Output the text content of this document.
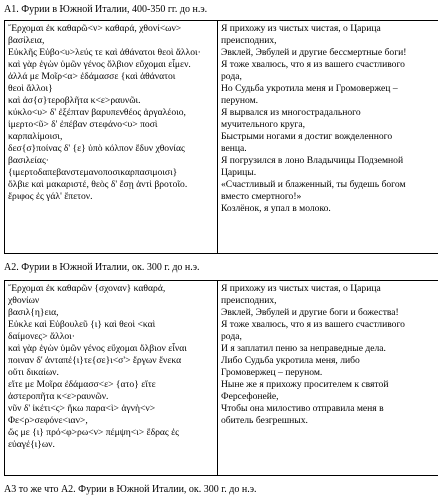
А1. Фурии в Южной Италии, 400-350 гг. до н.э.
῎Ερχομαι ἐκ καθαρῶ<ν> καθαρά, χθονί<ων>
βασίλεια,
Εὐκλῆς Εὐβο<υ>λεύς τε καὶ ἀθάνατοι θεοὶ ἄλλοι·
καὶ γὰρ ἐγὼν ὑμῶν γένος ὄλβιον εὔχομαι εἶμεν.
ἀλλά με Μοῖρ<α> ἐδάμασσε {καὶ ἀθάνατοι
θεοὶ ἄλλοι}
καὶ ἀσ{σ}τεροβλῆτα κ<ε>ραυνῶι.
κύκλο<υ> δ' ἐξέπταν βαρυπενθέος ἀργαλέοιο,
ἱμερτο<ῦ> δ' ἐπέβαν στεφάνο<υ> ποσὶ
καρπαλίμοισι,
δεσ{σ}ποίνας δ' {ε} ὑπὸ κόλπον ἔδυν χθονίας
βασιλείας·
{ιμερτοδαπεβανστεμανοποσικαρπασιμοισι}
ὄλβιε καὶ μακαριστέ, θεὸς δ' ἔσῃ ἀντὶ βροτοῖο.
ἔριφος ἐς γάλ' ἔπετον.

Я прихожу из чистых чистая, о Царица
преисподних,
Эвклей, Эвбулей и другие бессмертные боги!
Я тоже хвалюсь, что я из вашего счастливого
рода,
Но Судьба укротила меня и Громовержец –
перуном.
Я вырвался из многострадального
мучительного круга,
Быстрыми ногами я достиг вожделенного
венца.
Я погрузился в лоно Владычицы Подземной
Царицы.
«Счастливый и блаженный, ты будешь богом
вместо смертного!»
Козлёнок, я упал в молоко.
А2. Фурии в Южной Италии, ок. 300 г. до н.э.
῎Ερχομαι ἐκ καθαρῶν {σχοναν} καθαρά,
χθονίων
βασιλ{η}εια,
Εὐκλε καὶ Εὐβουλεῦ {ι} καὶ θεοὶ <καὶ
δαίμονες> ἄλλοι·
καὶ γὰρ ἐγὼν ὑμῶν γένος εὔχομαι ὄλβιον εἶναι
ποιναν δ' ἀνταπέ{ι}τε{σε}ι<σ'> ἔργων ἕνεκα
οὔτι δικαίων.
εἴτε με Μοῖρα ἐδάμασσ<ε> {ατο} εἴτε
ἀστεροπῆτα κ<ε>ραυνῶν.
νῦν δ' ἱκέτι<ς> ἥκω παρα<ὶ> ἁγνὴ<ν>
Φε<ρ>σεφόνε<ιαν>,
ὥς με {ι} πρό<φ>ρω<ν> πέμψη<ι> ἕδρας ἐς
εὐαγέ{ι}ων.

Я прихожу из чистых чистая, о Царица
преисподних,
Эвклей, Эвбулей и другие боги и божества!
Я тоже хвалюсь, что я из вашего счастливого
рода,
И я заплатил пеню за неправедные дела.
Либо Судьба укротила меня, либо
Громовержец – перуном.
Ныне же я прихожу просителем к святой
Ферсефонейе,
Чтобы она милостиво отправила меня в
обитель безгрешных.
А3 то же что А2. Фурии в Южной Италии, ок. 300 г. до н.э.
